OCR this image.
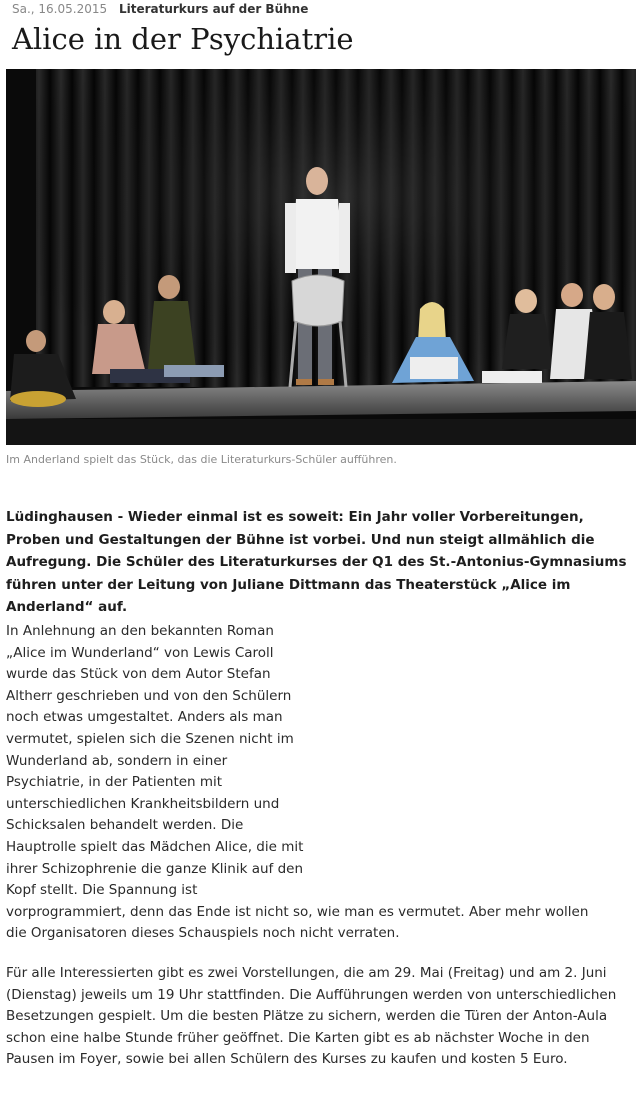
Sa., 16.05.2015 Literaturkurs auf der Bühne
Alice in der Psychiatrie
Im Anderland spielt das Stück, das die Literaturkurs-Schüler aufführen.

Lüdinghausen - Wieder einmal ist es soweit: Ein Jahr voller Vorbereitungen, Proben und Gestaltungen der Bühne ist vorbei. Und nun steigt allmählich die Aufregung. Die Schüler des Literaturkurses der Q1 des St.-Antonius-Gymnasiums führen unter der Leitung von Juliane Dittmann das Theaterstück „Alice im Anderland“ auf.

In Anlehnung an den bekannten Roman
„Alice im Wunderland“ von Lewis Caroll
wurde das Stück von dem Autor Stefan
Altherr geschrieben und von den Schülern
noch etwas umgestaltet. Anders als man
vermutet, spielen sich die Szenen nicht im
Wunderland ab, sondern in einer
Psychiatrie, in der Patienten mit
unterschiedlichen Krankheitsbildern und
Schicksalen behandelt werden. Die
Hauptrolle spielt das Mädchen Alice, die mit
ihrer Schizophrenie die ganze Klinik auf den
Kopf stellt. Die Spannung ist
vorprogrammiert, denn das Ende ist nicht so, wie man es vermutet. Aber mehr wollen
die Organisatoren dieses Schauspiels noch nicht verraten.

Für alle Interessierten gibt es zwei Vorstellungen, die am 29. Mai (Freitag) und am 2. Juni (Dienstag) jeweils um 19 Uhr stattfinden. Die Aufführungen werden von unterschiedlichen Besetzungen gespielt. Um die besten Plätze zu sichern, werden die Türen der Anton-Aula schon eine halbe Stunde früher geöffnet. Die Karten gibt es ab nächster Woche in den Pausen im Foyer, sowie bei allen Schülern des Kurses zu kaufen und kosten 5 Euro.
